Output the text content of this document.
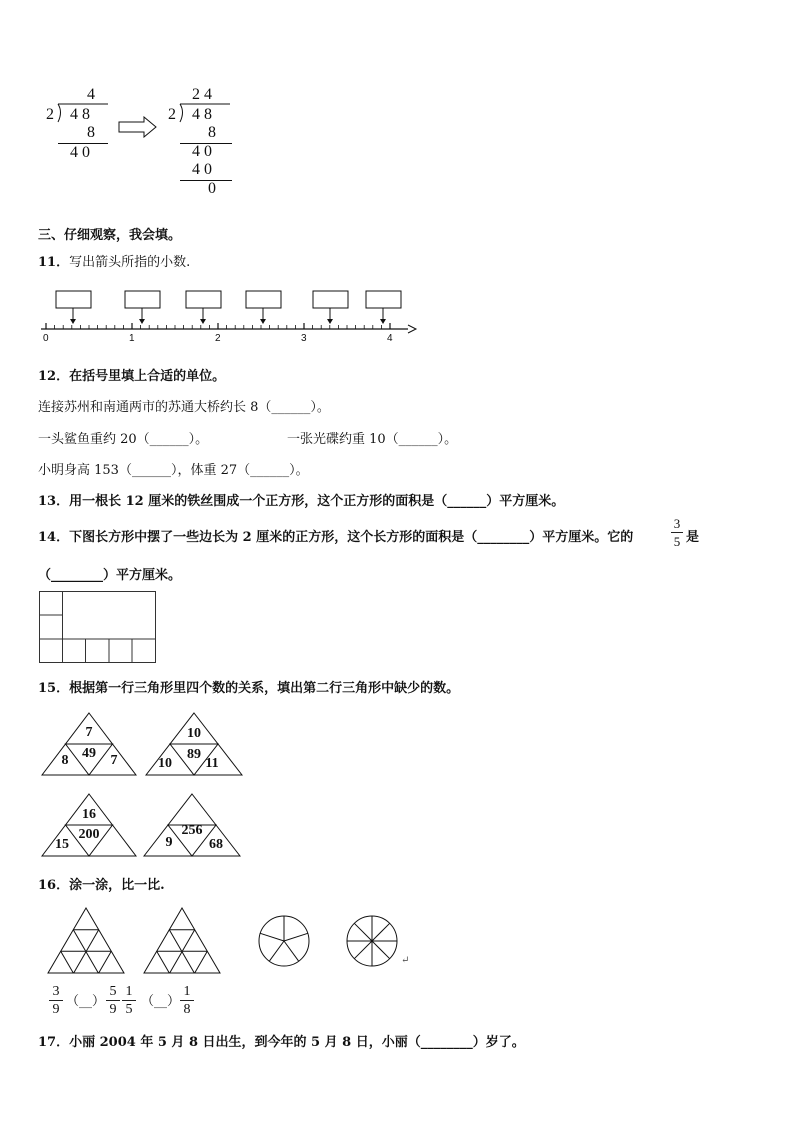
4
2 4 8
8
4 0
2 4
2 4 8
8
4 0
4 0
0
三、仔细观察，我会填。
11．写出箭头所指的小数.
0	1	2	3	4
12．在括号里填上合适的单位。
连接苏州和南通两市的苏通大桥约长 8（______）。
一头鲨鱼重约 20（______）。	一张光碟约重 10（______）。
小明身高 153（______），体重 27（______）。
13．用一根长 12 厘米的铁丝围成一个正方形，这个正方形的面积是（______）平方厘米。
14．下图长方形中摆了一些边长为 2 厘米的正方形，这个长方形的面积是（________）平方厘米。它的	$\frac{3}{5}$ 是
（________）平方厘米。
15．根据第一行三角形里四个数的关系，填出第二行三角形中缺少的数。
7
49
8	7
10
89
10	11
16
200
15
256
9	68
16．涂一涂，比一比.
↵
$\frac{3}{9}$ （__） $\frac{5}{9} \frac{1}{5}$ （__） $\frac{1}{8}$
17．小丽 2004 年 5 月 8 日出生，到今年的 5 月 8 日，小丽（________）岁了。
